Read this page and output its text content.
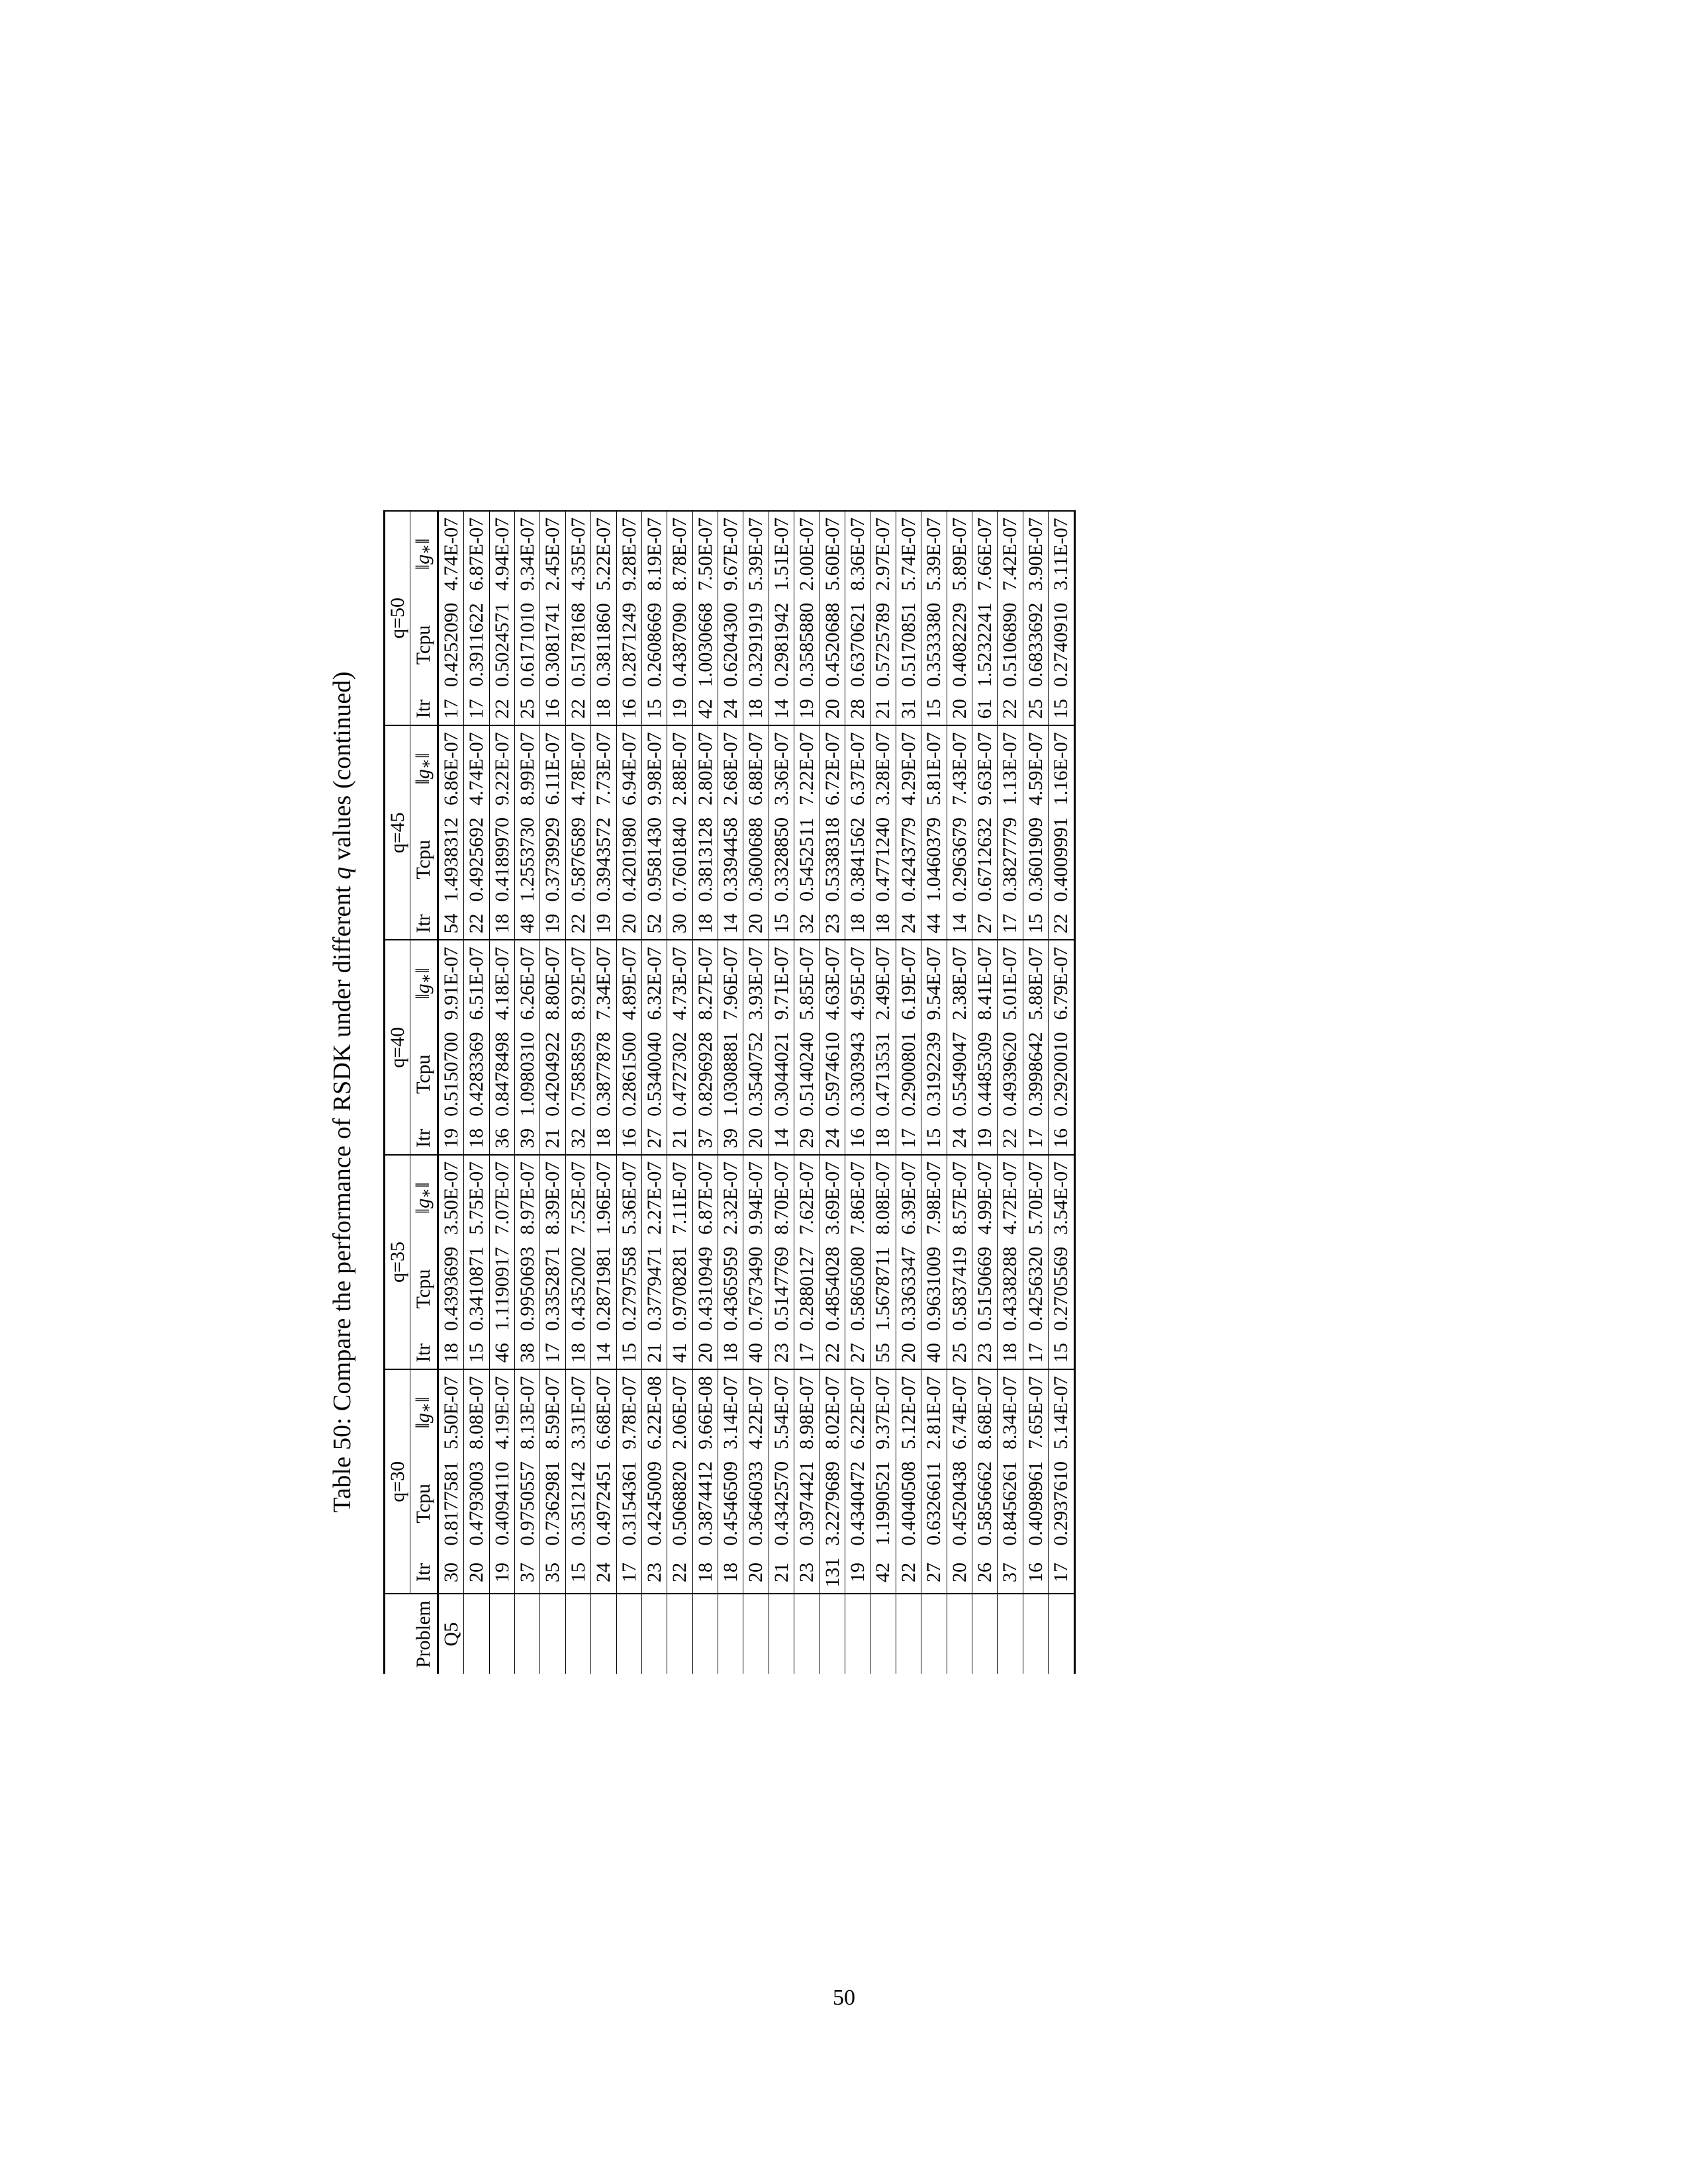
Table 50: Compare the performance of RSDK under different q values (continued)
	q=30			q=35			q=40			q=45			q=50		
Problem	Itr	Tcpu	‖g∗‖	Itr	Tcpu	‖g∗‖	Itr	Tcpu	‖g∗‖	Itr	Tcpu	‖g∗‖	Itr	Tcpu	‖g∗‖
Q5	30	0.8177581	5.50E-07	18	0.4393699	3.50E-07	19	0.5150700	9.91E-07	54	1.4938312	6.86E-07	17	0.4252090	4.74E-07
	20	0.4793003	8.08E-07	15	0.3410871	5.75E-07	18	0.4283369	6.51E-07	22	0.4925692	4.74E-07	17	0.3911622	6.87E-07
	19	0.4094110	4.19E-07	46	1.1190917	7.07E-07	36	0.8478498	4.18E-07	18	0.4189970	9.22E-07	22	0.5024571	4.94E-07
	37	0.9750557	8.13E-07	38	0.9950693	8.97E-07	39	1.0980310	6.26E-07	48	1.2553730	8.99E-07	25	0.6171010	9.34E-07
	35	0.7362981	8.59E-07	17	0.3352871	8.39E-07	21	0.4204922	8.80E-07	19	0.3739929	6.11E-07	16	0.3081741	2.45E-07
	15	0.3512142	3.31E-07	18	0.4352002	7.52E-07	32	0.7585859	8.92E-07	22	0.5876589	4.78E-07	22	0.5178168	4.35E-07
	24	0.4972451	6.68E-07	14	0.2871981	1.96E-07	18	0.3877878	7.34E-07	19	0.3943572	7.73E-07	18	0.3811860	5.22E-07
	17	0.3154361	9.78E-07	15	0.2797558	5.36E-07	16	0.2861500	4.89E-07	20	0.4201980	6.94E-07	16	0.2871249	9.28E-07
	23	0.4245009	6.22E-08	21	0.3779471	2.27E-07	27	0.5340040	6.32E-07	52	0.9581430	9.98E-07	15	0.2608669	8.19E-07
	22	0.5068820	2.06E-07	41	0.9708281	7.11E-07	21	0.4727302	4.73E-07	30	0.7601840	2.88E-07	19	0.4387090	8.78E-07
	18	0.3874412	9.66E-08	20	0.4310949	6.87E-07	37	0.8296928	8.27E-07	18	0.3813128	2.80E-07	42	1.0030668	7.50E-07
	18	0.4546509	3.14E-07	18	0.4365959	2.32E-07	39	1.0308881	7.96E-07	14	0.3394458	2.68E-07	24	0.6204300	9.67E-07
	20	0.3646033	4.22E-07	40	0.7673490	9.94E-07	20	0.3540752	3.93E-07	20	0.3600688	6.88E-07	18	0.3291919	5.39E-07
	21	0.4342570	5.54E-07	23	0.5147769	8.70E-07	14	0.3044021	9.71E-07	15	0.3328850	3.36E-07	14	0.2981942	1.51E-07
	23	0.3974421	8.98E-07	17	0.2880127	7.62E-07	29	0.5140240	5.85E-07	32	0.5452511	7.22E-07	19	0.3585880	2.00E-07
	131	3.2279689	8.02E-07	22	0.4854028	3.69E-07	24	0.5974610	4.63E-07	23	0.5338318	6.72E-07	20	0.4520688	5.60E-07
	19	0.4340472	6.22E-07	27	0.5865080	7.86E-07	16	0.3303943	4.95E-07	18	0.3841562	6.37E-07	28	0.6370621	8.36E-07
	42	1.1990521	9.37E-07	55	1.5678711	8.08E-07	18	0.4713531	2.49E-07	18	0.4771240	3.28E-07	21	0.5725789	2.97E-07
	22	0.4040508	5.12E-07	20	0.3363347	6.39E-07	17	0.2900801	6.19E-07	24	0.4243779	4.29E-07	31	0.5170851	5.74E-07
	27	0.6326611	2.81E-07	40	0.9631009	7.98E-07	15	0.3192239	9.54E-07	44	1.0460379	5.81E-07	15	0.3533380	5.39E-07
	20	0.4520438	6.74E-07	25	0.5837419	8.57E-07	24	0.5549047	2.38E-07	14	0.2963679	7.43E-07	20	0.4082229	5.89E-07
	26	0.5856662	8.68E-07	23	0.5150669	4.99E-07	19	0.4485309	8.41E-07	27	0.6712632	9.63E-07	61	1.5232241	7.66E-07
	37	0.8456261	8.34E-07	18	0.4338288	4.72E-07	22	0.4939620	5.01E-07	17	0.3827779	1.13E-07	22	0.5106890	7.42E-07
	16	0.4098961	7.65E-07	17	0.4256320	5.70E-07	17	0.3998642	5.88E-07	15	0.3601909	4.59E-07	25	0.6833692	3.90E-07
	17	0.2937610	5.14E-07	15	0.2705569	3.54E-07	16	0.2920010	6.79E-07	22	0.4009991	1.16E-07	15	0.2740910	3.11E-07
50
